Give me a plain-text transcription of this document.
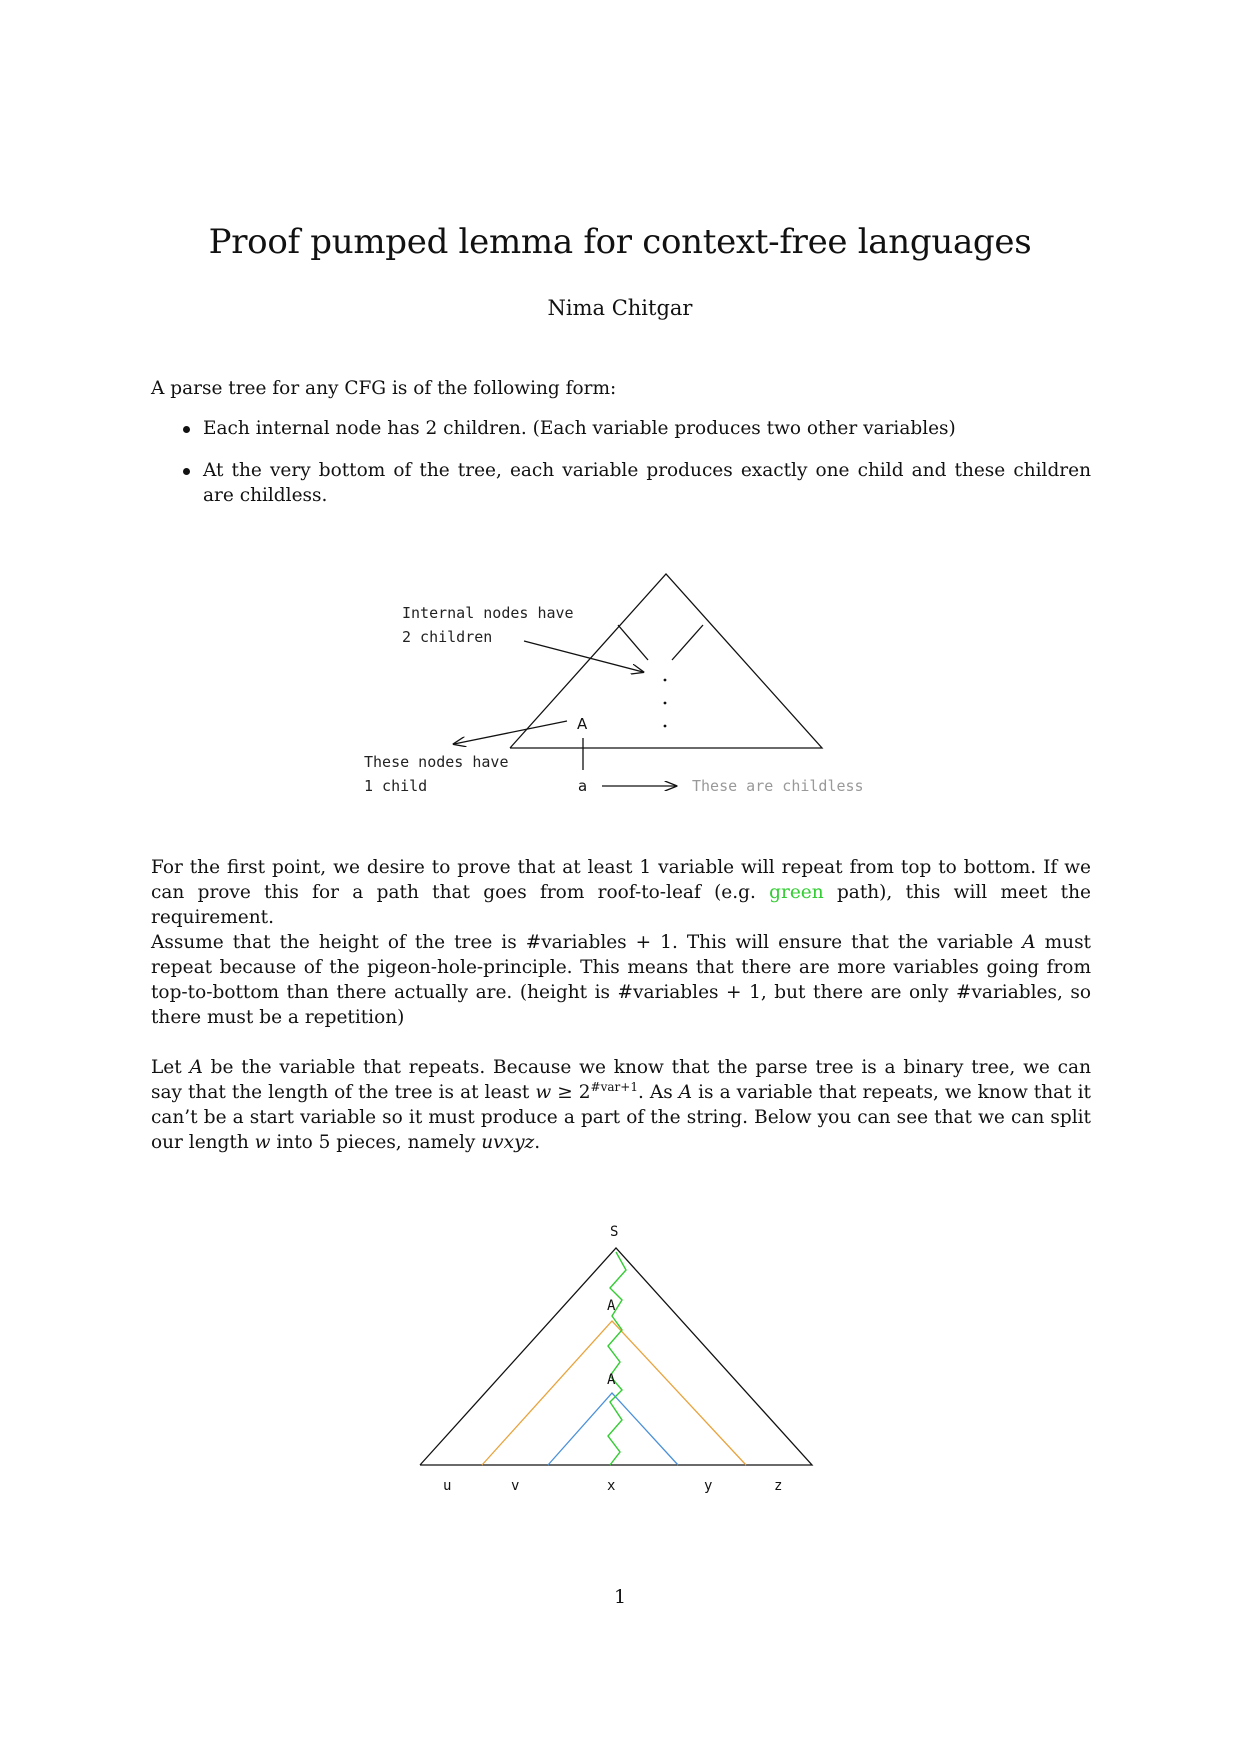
Proof pumped lemma for context-free languages
Nima Chitgar

A parse tree for any CFG is of the following form:

Each internal node has 2 children. (Each variable produces two other variables)
At the very bottom of the tree, each variable produces exactly one child and these children are childless.
Internal nodes have
2 children
A
These nodes have
1 child	a	These are childless
S
A
A
u	v	x	y	z

For the first point, we desire to prove that at least 1 variable will repeat from top to bottom. If we can prove this for a path that goes from roof-to-leaf (e.g. green path), this will meet the requirement.

Assume that the height of the tree is #variables + 1. This will ensure that the variable A must repeat because of the pigeon-hole-principle. This means that there are more variables going from top-to-bottom than there actually are. (height is #variables + 1, but there are only #variables, so there must be a repetition)

Let A be the variable that repeats. Because we know that the parse tree is a binary tree, we can say that the length of the tree is at least $w \ge 2^{\#var+1}$. As A is a variable that repeats, we know that it can’t be a start variable so it must produce a part of the string. Below you can see that we can split our length w into 5 pieces, namely uvxyz.

1
